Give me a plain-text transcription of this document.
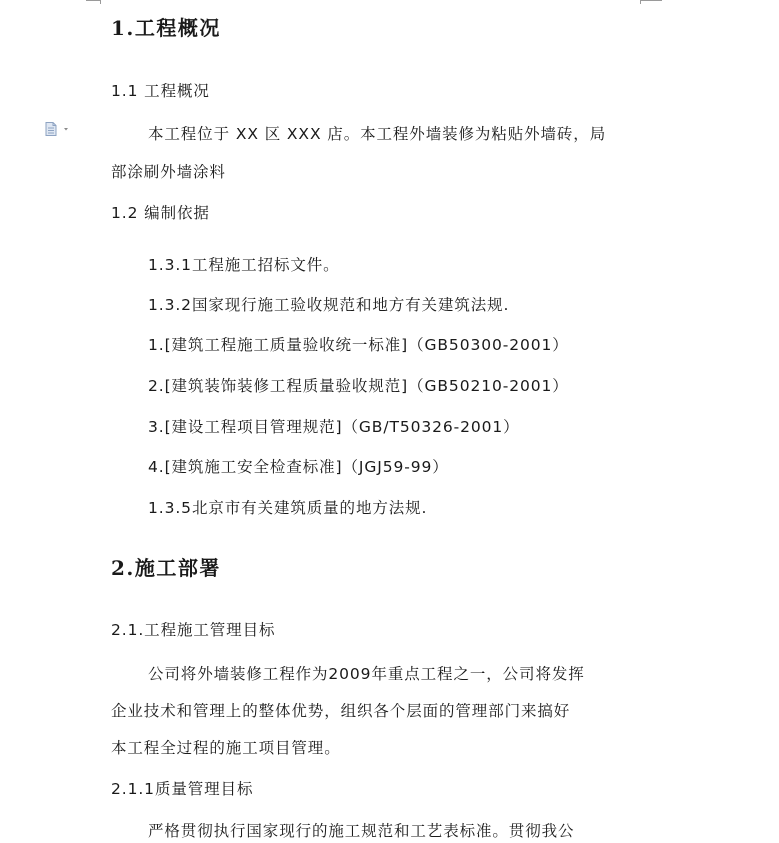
1.工程概况
1.1 工程概况
本工程位于 XX 区 XXX 店。本工程外墙装修为粘贴外墙砖，局
部涂刷外墙涂料
1.2 编制依据
1.3.1工程施工招标文件。
1.3.2国家现行施工验收规范和地方有关建筑法规.
1.[建筑工程施工质量验收统一标准]（GB50300-2001）
2.[建筑装饰装修工程质量验收规范]（GB50210-2001）
3.[建设工程项目管理规范]（GB/T50326-2001）
4.[建筑施工安全检查标准]（JGJ59-99）
1.3.5北京市有关建筑质量的地方法规.
2.施工部署
2.1.工程施工管理目标
公司将外墙装修工程作为2009年重点工程之一，公司将发挥
企业技术和管理上的整体优势，组织各个层面的管理部门来搞好
本工程全过程的施工项目管理。
2.1.1质量管理目标
严格贯彻执行国家现行的施工规范和工艺表标准。贯彻我公
